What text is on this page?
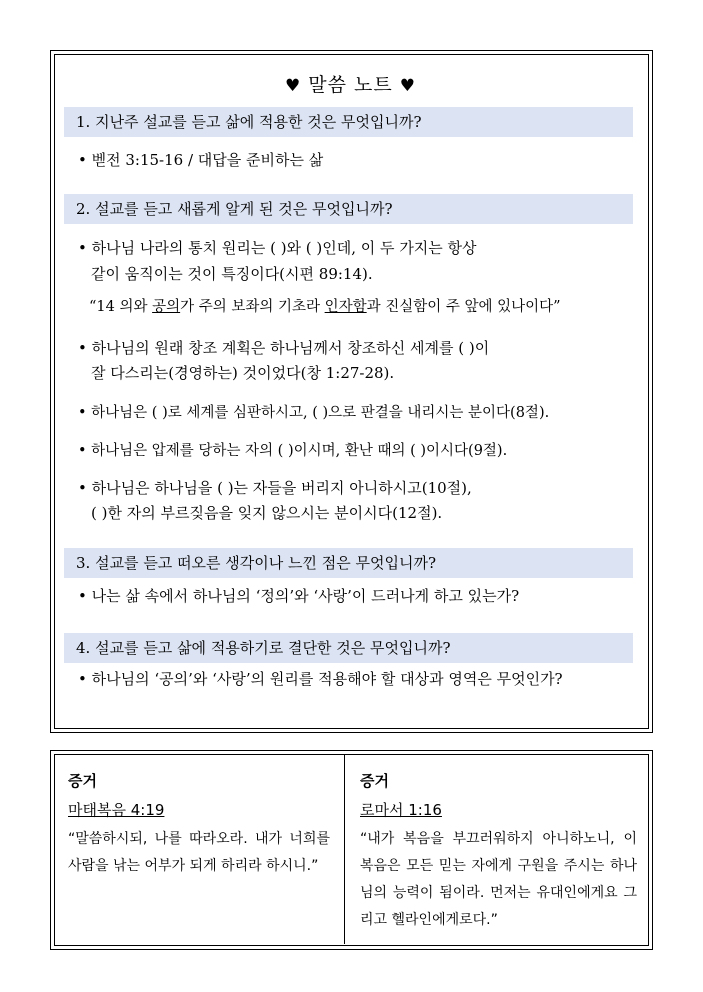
♥ 말씀 노트 ♥
1. 지난주 설교를 듣고 삶에 적용한 것은 무엇입니까?
• 벧전 3:15-16 / 대답을 준비하는 삶
2. 설교를 듣고 새롭게 알게 된 것은 무엇입니까?
• 하나님 나라의 통치 원리는 ( )와 ( )인데, 이 두 가지는 항상
같이 움직이는 것이 특징이다(시편 89:14).
“14 의와 공의가 주의 보좌의 기초라 인자함과 진실함이 주 앞에 있나이다”
• 하나님의 원래 창조 계획은 하나님께서 창조하신 세계를 ( )이
잘 다스리는(경영하는) 것이었다(창 1:27-28).
• 하나님은 ( )로 세계를 심판하시고, ( )으로 판결을 내리시는 분이다(8절).
• 하나님은 압제를 당하는 자의 ( )이시며, 환난 때의 ( )이시다(9절).
• 하나님은 하나님을 ( )는 자들을 버리지 아니하시고(10절),
( )한 자의 부르짖음을 잊지 않으시는 분이시다(12절).
3. 설교를 듣고 떠오른 생각이나 느낀 점은 무엇입니까?
• 나는 삶 속에서 하나님의 ‘정의’와 ‘사랑’이 드러나게 하고 있는가?
4. 설교를 듣고 삶에 적용하기로 결단한 것은 무엇입니까?
• 하나님의 ‘공의’와 ‘사랑’의 원리를 적용해야 할 대상과 영역은 무엇인가?
증거
마태복음 4:19
“말씀하시되, 나를 따라오라. 내가 너희를 사람을 낚는 어부가 되게 하리라 하시니.”
증거
로마서 1:16
“내가 복음을 부끄러워하지 아니하노니, 이 복음은 모든 믿는 자에게 구원을 주시는 하나님의 능력이 됨이라. 먼저는 유대인에게요 그리고 헬라인에게로다.”
